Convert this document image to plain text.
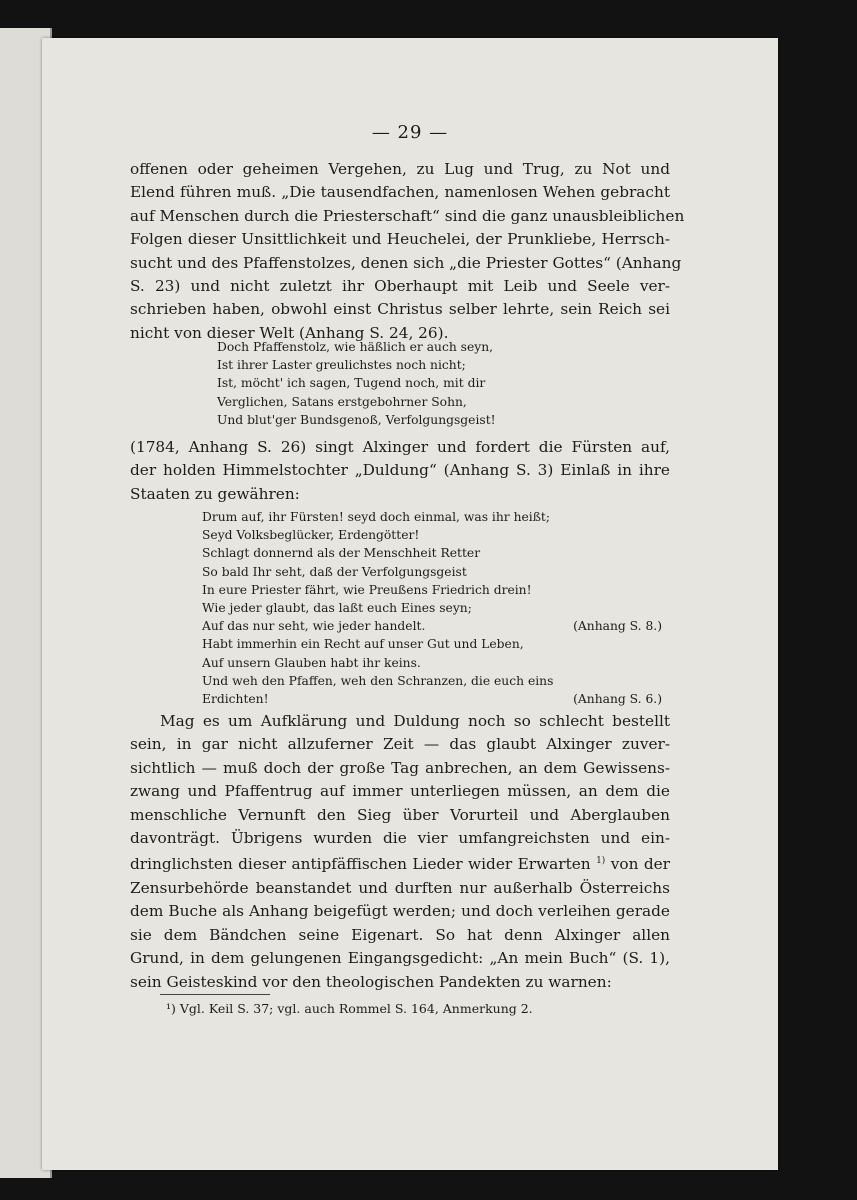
— 29 —
offenen oder geheimen Vergehen, zu Lug und Trug, zu Not und
Elend führen muß. „Die tausendfachen, namenlosen Wehen gebracht
auf Menschen durch die Priesterschaft“ sind die ganz unausbleiblichen
Folgen dieser Unsittlichkeit und Heuchelei, der Prunkliebe, Herrsch-
sucht und des Pfaffenstolzes, denen sich „die Priester Gottes“ (Anhang
S. 23) und nicht zuletzt ihr Oberhaupt mit Leib und Seele ver-
schrieben haben, obwohl einst Christus selber lehrte, sein Reich sei
nicht von dieser Welt (Anhang S. 24, 26).
Doch Pfaffenstolz, wie häßlich er auch seyn,
Ist ihrer Laster greulichstes noch nicht;
Ist, möcht' ich sagen, Tugend noch, mit dir
Verglichen, Satans erstgebohrner Sohn,
Und blut'ger Bundsgenoß, Verfolgungsgeist!
(1784, Anhang S. 26) singt Alxinger und fordert die Fürsten auf,
der holden Himmelstochter „Duldung“ (Anhang S. 3) Einlaß in ihre
Staaten zu gewähren:
Drum auf, ihr Fürsten! seyd doch einmal, was ihr heißt;
Seyd Volksbeglücker, Erdengötter!
Schlagt donnernd als der Menschheit Retter
So bald Ihr seht, daß der Verfolgungsgeist
In eure Priester fährt, wie Preußens Friedrich drein!
Wie jeder glaubt, das laßt euch Eines seyn;
Auf das nur seht, wie jeder handelt.	(Anhang S. 8.)
Habt immerhin ein Recht auf unser Gut und Leben,
Auf unsern Glauben habt ihr keins.
Und weh den Pfaffen, weh den Schranzen, die euch eins
Erdichten!	(Anhang S. 6.)
Mag es um Aufklärung und Duldung noch so schlecht bestellt
sein, in gar nicht allzuferner Zeit — das glaubt Alxinger zuver-
sichtlich — muß doch der große Tag anbrechen, an dem Gewissens-
zwang und Pfaffentrug auf immer unterliegen müssen, an dem die
menschliche Vernunft den Sieg über Vorurteil und Aberglauben
davonträgt. Übrigens wurden die vier umfangreichsten und ein-
dringlichsten dieser antipfäffischen Lieder wider Erwarten $^{1)}$ von der
Zensurbehörde beanstandet und durften nur außerhalb Österreichs
dem Buche als Anhang beigefügt werden; und doch verleihen gerade
sie dem Bändchen seine Eigenart. So hat denn Alxinger allen
Grund, in dem gelungenen Eingangsgedicht: „An mein Buch“ (S. 1),
sein Geisteskind vor den theologischen Pandekten zu warnen:
¹) Vgl. Keil S. 37; vgl. auch Rommel S. 164, Anmerkung 2.
